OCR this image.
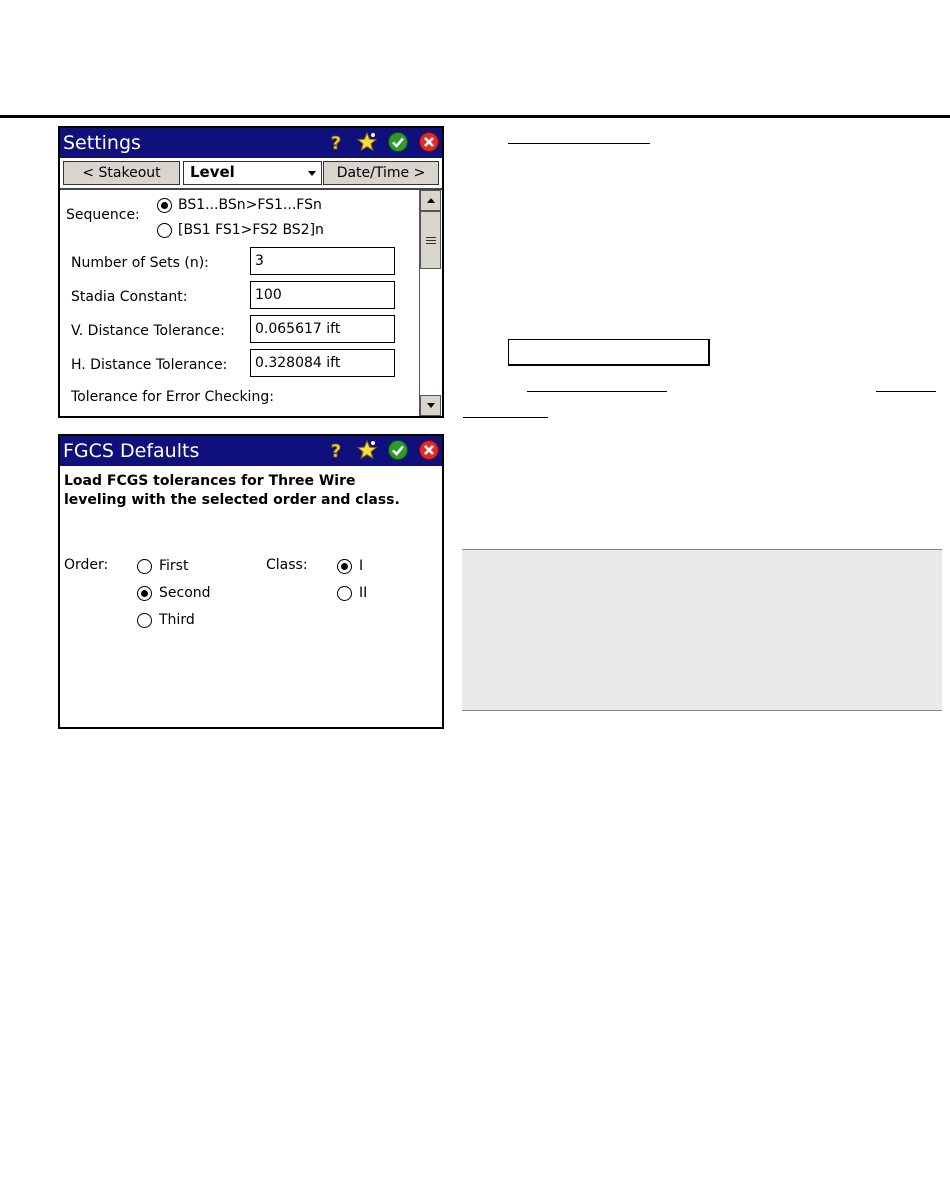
Settings	?
< Stakeout	Level	Date/Time >
Sequence:
BS1...BSn>FS1...FSn
[BS1 FS1>FS2 BS2]n
Number of Sets (n):	3
Stadia Constant:	100
V. Distance Tolerance:	0.065617 ift
H. Distance Tolerance:	0.328084 ift
Tolerance for Error Checking:
FGCS Defaults	?
Load FCGS tolerances for Three Wire
leveling with the selected order and class.
Order:	First
Second
Third
Class:	I
II
